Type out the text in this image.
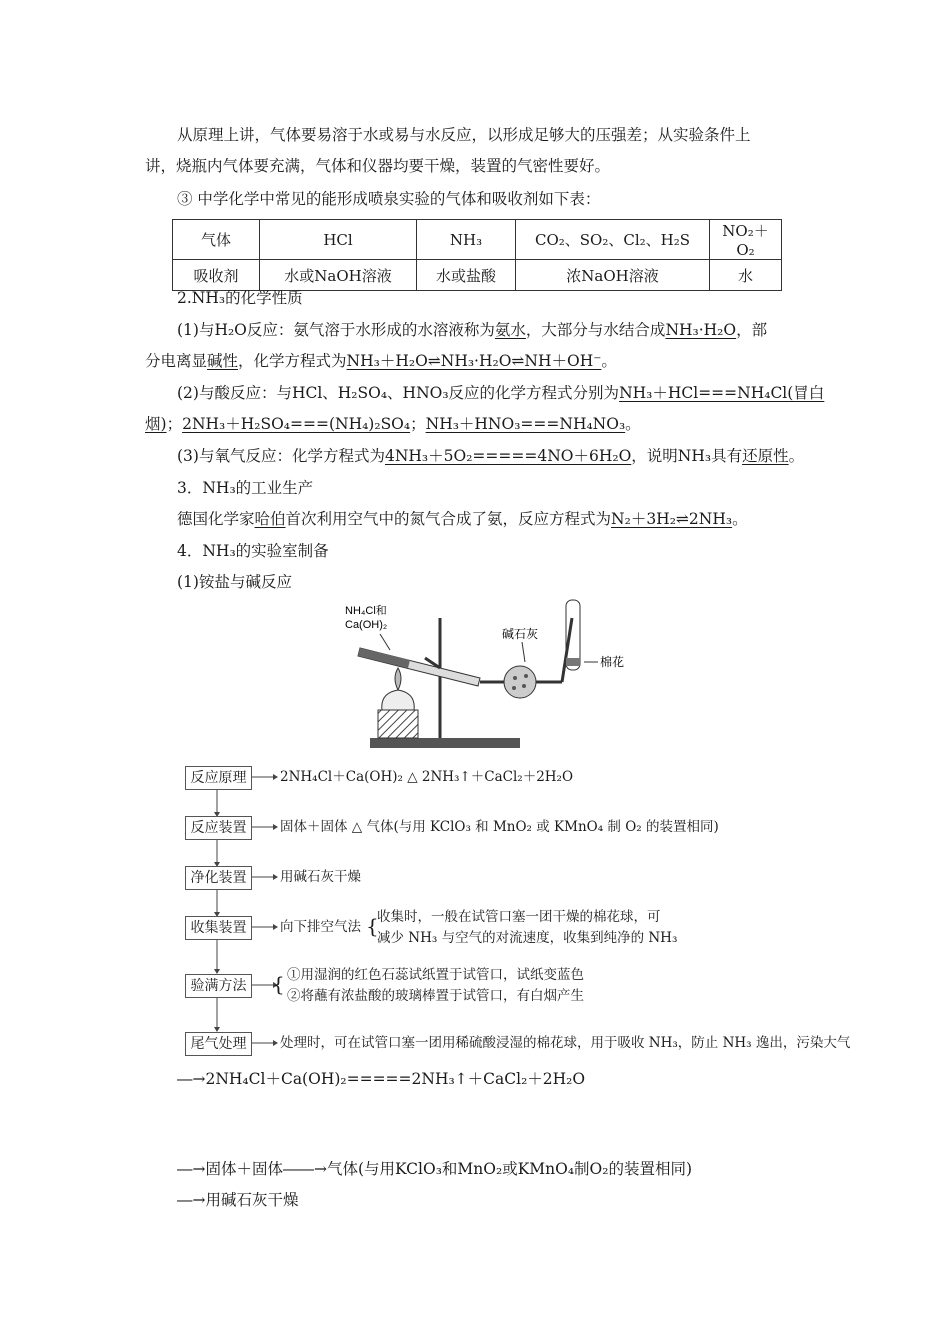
从原理上讲，气体要易溶于水或易与水反应，以形成足够大的压强差；从实验条件上
讲，烧瓶内气体要充满，气体和仪器均要干燥，装置的气密性要好。
③ 中学化学中常见的能形成喷泉实验的气体和吸收剂如下表：
气体	HCl	NH₃	CO₂、SO₂、Cl₂、H₂S	NO₂＋O₂
吸收剂	水或NaOH溶液	水或盐酸	浓NaOH溶液	水
2.NH₃的化学性质
(1)与H₂O反应：氨气溶于水形成的水溶液称为氨水，大部分与水结合成NH₃·H₂O，部
分电离显碱性，化学方程式为NH₃＋H₂O⇌NH₃·H₂O⇌NH＋OH⁻。
(2)与酸反应：与HCl、H₂SO₄、HNO₃反应的化学方程式分别为NH₃＋HCl===NH₄Cl(冒白
烟)；2NH₃＋H₂SO₄===(NH₄)₂SO₄；NH₃＋HNO₃===NH₄NO₃。
(3)与氧气反应：化学方程式为4NH₃＋5O₂=====4NO＋6H₂O，说明NH₃具有还原性。
3．NH₃的工业生产
德国化学家哈伯首次利用空气中的氮气合成了氨，反应方程式为N₂＋3H₂⇌2NH₃。
4．NH₃的实验室制备
(1)铵盐与碱反应
NH₄Cl和
Ca(OH)₂
碱石灰
棉花
反应原理	2NH₄Cl＋Ca(OH)₂ △ 2NH₃↑＋CaCl₂＋2H₂O
反应装置	固体＋固体 △ 气体(与用 KClO₃ 和 MnO₂ 或 KMnO₄ 制 O₂ 的装置相同)
净化装置	用碱石灰干燥
收集装置	向下排空气法 {
收集时，一般在试管口塞一团干燥的棉花球，可
减少 NH₃ 与空气的对流速度，收集到纯净的 NH₃
验满方法 { ①用湿润的红色石蕊试纸置于试管口，试纸变蓝色
②将蘸有浓盐酸的玻璃棒置于试管口，有白烟产生
尾气处理	处理时，可在试管口塞一团用稀硫酸浸湿的棉花球，用于吸收 NH₃，防止 NH₃ 逸出，污染大气
―→2NH₄Cl＋Ca(OH)₂=====2NH₃↑＋CaCl₂＋2H₂O
―→固体＋固体――→气体(与用KClO₃和MnO₂或KMnO₄制O₂的装置相同)
―→用碱石灰干燥
